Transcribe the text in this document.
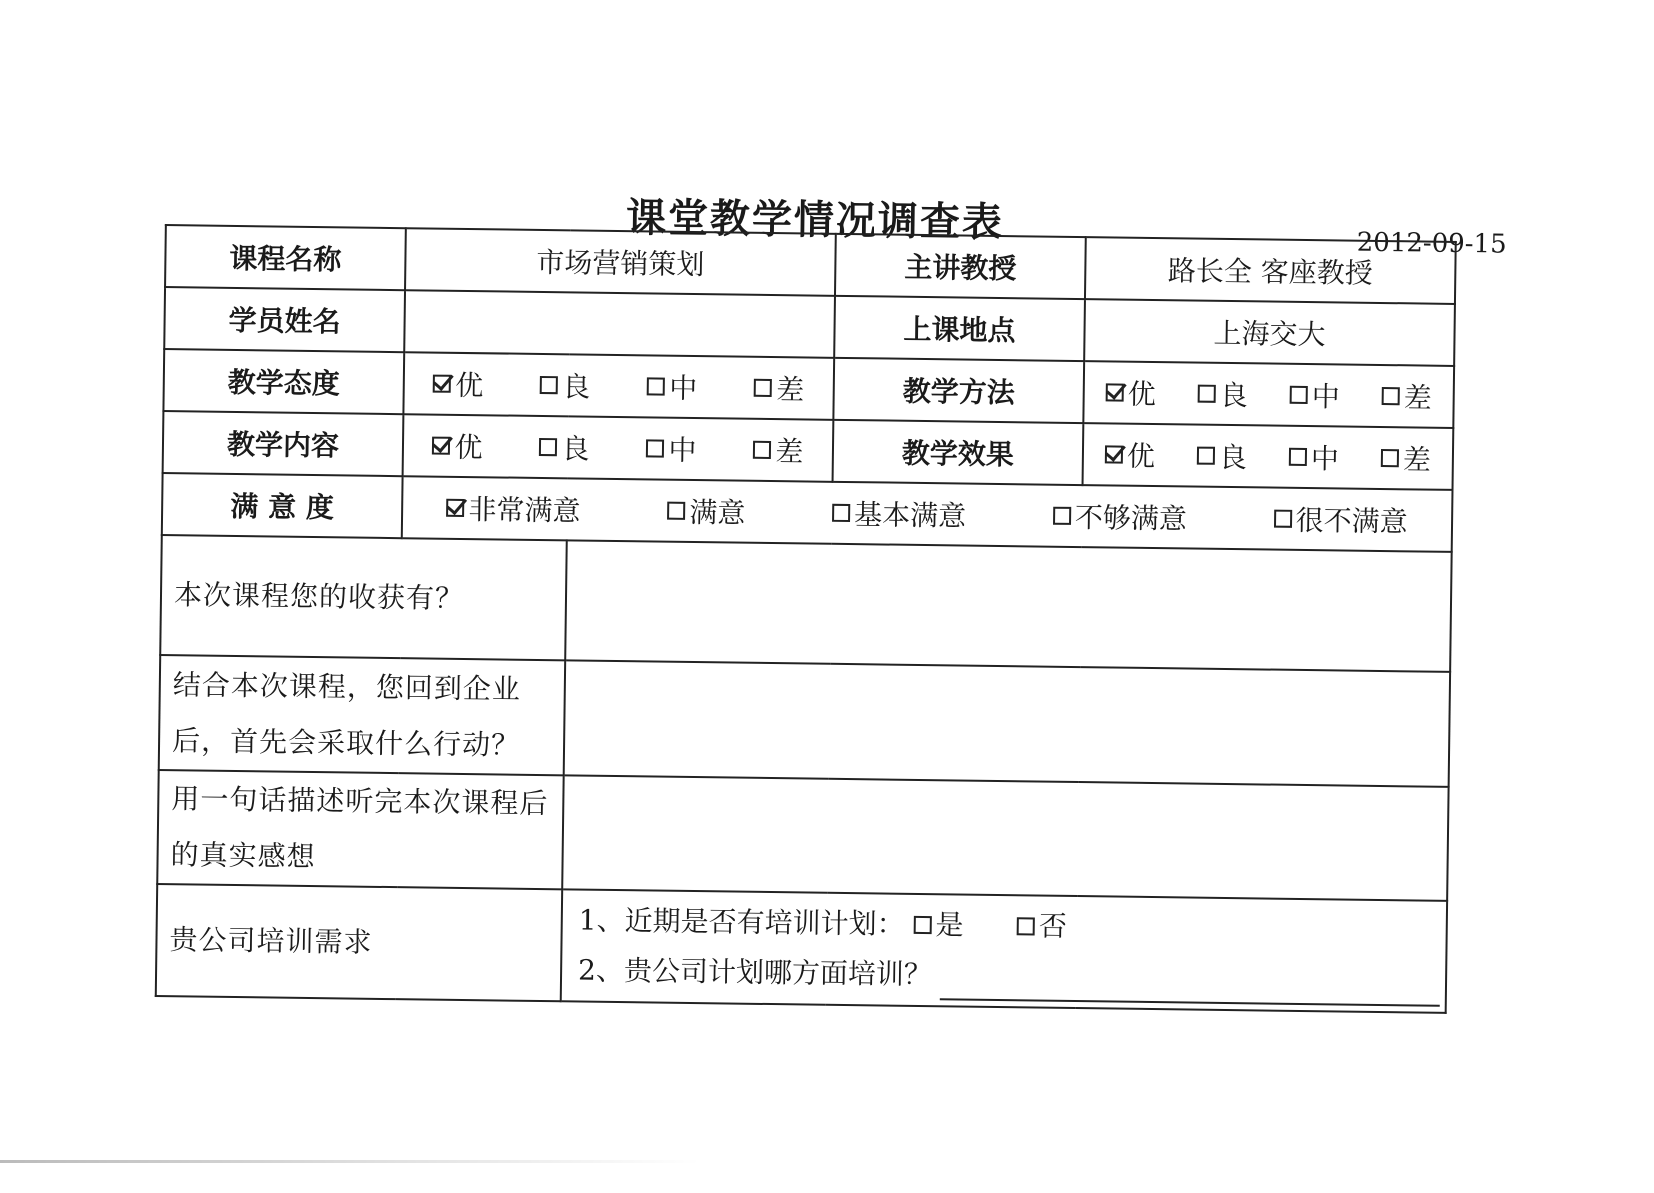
课堂教学情况调查表	2012-09-15
课程名称	市场营销策划		主讲教授	路长全 客座教授
学员姓名			上课地点	上海交大
教学态度	优 良 中 差		教学方法	优 良 中 差

教学内容	优 良 中 差		教学效果	优 良 中 差

满 意 度	非常满意 满意 基本满意 不够满意 很不满意			

本次课程您的收获有？				
结合本次课程，您回到企业后，首先会采取什么行动？				
用一句话描述听完本次课程后的真实感想				
贵公司培训需求		1、近期是否有培训计划： 是
否
2、贵公司计划哪方面培训？		
